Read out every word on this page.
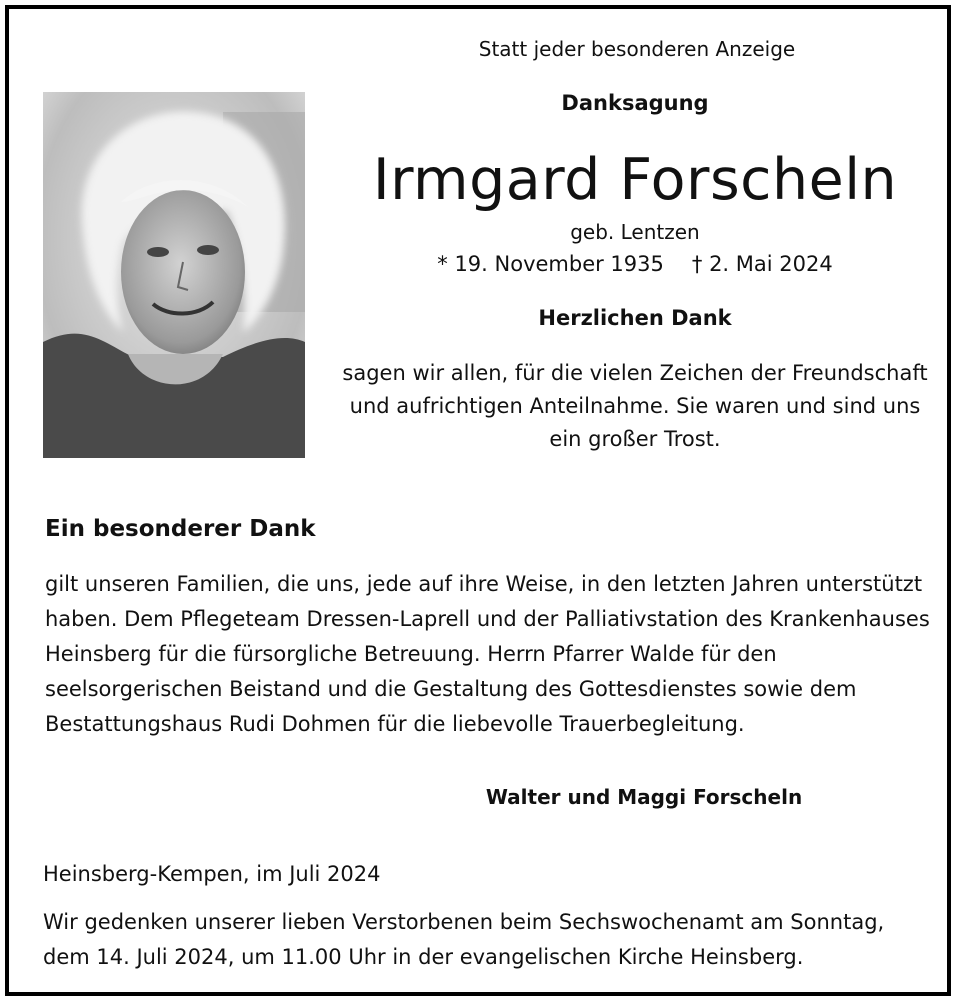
Statt jeder besonderen Anzeige
Danksagung
Irmgard Forscheln
geb. Lentzen
* 19. November 1935 † 2. Mai 2024
Herzlichen Dank
sagen wir allen, für die vielen Zeichen der Freundschaft
und aufrichtigen Anteilnahme. Sie waren und sind uns
ein großer Trost.
Ein besonderer Dank
gilt unseren Familien, die uns, jede auf ihre Weise, in den letzten Jahren unterstützt
haben. Dem Pflegeteam Dressen-Laprell und der Palliativstation des Krankenhauses
Heinsberg für die fürsorgliche Betreuung. Herrn Pfarrer Walde für den
seelsorgerischen Beistand und die Gestaltung des Gottesdienstes sowie dem
Bestattungshaus Rudi Dohmen für die liebevolle Trauerbegleitung.
Walter und Maggi Forscheln
Heinsberg-Kempen, im Juli 2024
Wir gedenken unserer lieben Verstorbenen beim Sechswochenamt am Sonntag,
dem 14. Juli 2024, um 11.00 Uhr in der evangelischen Kirche Heinsberg.
